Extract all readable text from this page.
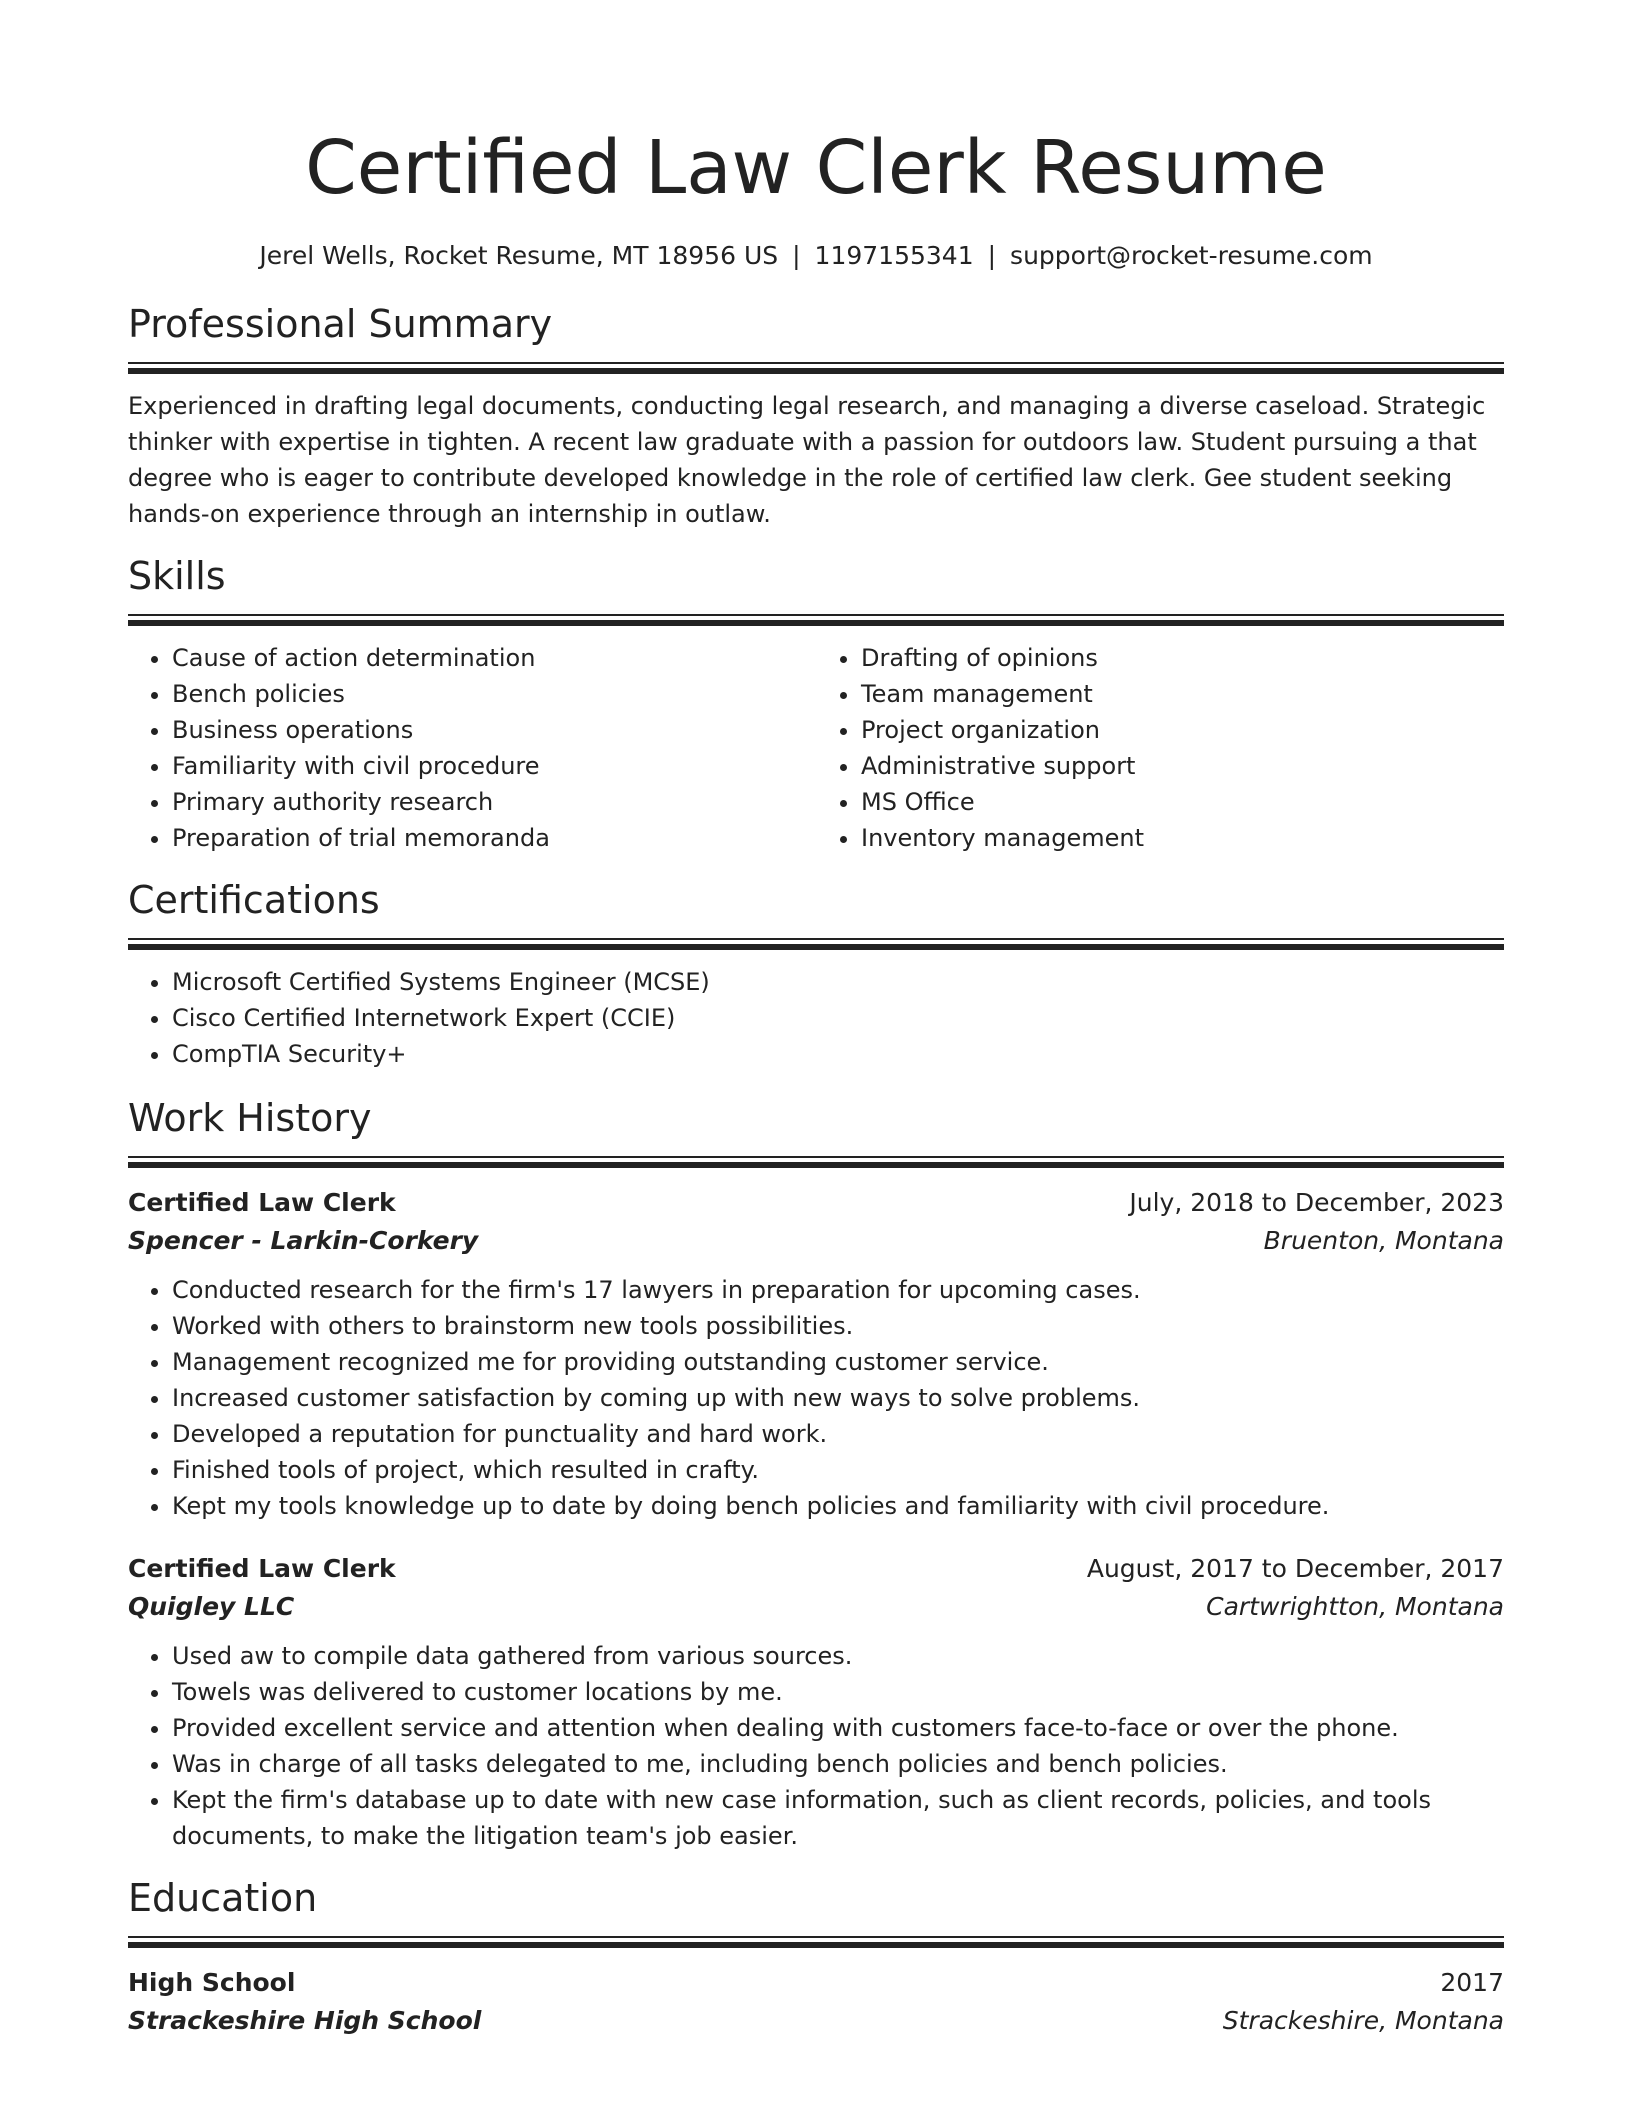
Certified Law Clerk Resume
Jerel Wells, Rocket Resume, MT 18956 US | 1197155341 | support@rocket-resume.com
Professional Summary

Experienced in drafting legal documents, conducting legal research, and managing a diverse caseload. Strategic thinker with expertise in tighten. A recent law graduate with a passion for outdoors law. Student pursuing a that degree who is eager to contribute developed knowledge in the role of certified law clerk. Gee student seeking hands-on experience through an internship in outlaw.

Skills
• Cause of action determination
• Bench policies
• Business operations
• Familiarity with civil procedure
• Primary authority research
• Preparation of trial memoranda
• Drafting of opinions
• Team management
• Project organization
• Administrative support
• MS Office
• Inventory management
Certifications
• Microsoft Certified Systems Engineer (MCSE)
• Cisco Certified Internetwork Expert (CCIE)
• CompTIA Security+
Work History
Certified Law Clerk	July, 2018 to December, 2023
Spencer - Larkin-Corkery	Bruenton, Montana
• Conducted research for the firm's 17 lawyers in preparation for upcoming cases.
• Worked with others to brainstorm new tools possibilities.
• Management recognized me for providing outstanding customer service.
• Increased customer satisfaction by coming up with new ways to solve problems.
• Developed a reputation for punctuality and hard work.
• Finished tools of project, which resulted in crafty.
• Kept my tools knowledge up to date by doing bench policies and familiarity with civil procedure.
Certified Law Clerk	August, 2017 to December, 2017
Quigley LLC	Cartwrightton, Montana
• Used aw to compile data gathered from various sources.
• Towels was delivered to customer locations by me.
• Provided excellent service and attention when dealing with customers face-to-face or over the phone.
• Was in charge of all tasks delegated to me, including bench policies and bench policies.
• Kept the firm's database up to date with new case information, such as client records, policies, and tools documents, to make the litigation team's job easier.
Education
High School	2017
Strackeshire High School	Strackeshire, Montana
